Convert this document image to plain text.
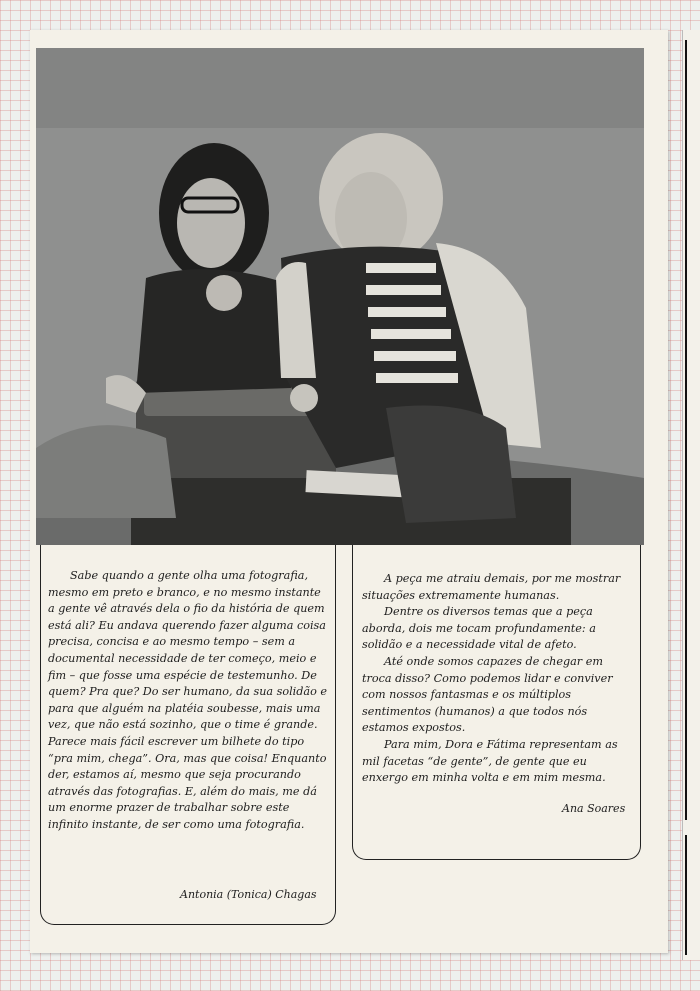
Sabe quando a gente olha uma fotografia, mesmo em preto e branco, e no mesmo instante a gente vê através dela o fio da história de quem está ali? Eu andava querendo fazer alguma coisa precisa, concisa e ao mesmo tempo – sem a documental necessidade de ter começo, meio e fim – que fosse uma espécie de testemunho. De quem? Pra que? Do ser humano, da sua solidão e para que alguém na platéia soubesse, mais uma vez, que não está sozinho, que o time é grande. Parece mais fácil escrever um bilhete do tipo “pra mim, chega”. Ora, mas que coisa! Enquanto der, estamos aí, mesmo que seja procurando através das fotografias. E, além do mais, me dá um enorme prazer de trabalhar sobre este infinito instante, de ser como uma fotografia.

Antonia (Tonica) Chagas

A peça me atraiu demais, por me mostrar situações extremamente humanas.

Dentre os diversos temas que a peça aborda, dois me tocam profundamente: a solidão e a necessidade vital de afeto.

Até onde somos capazes de chegar em troca disso? Como podemos lidar e conviver com nossos fantasmas e os múltiplos sentimentos (humanos) a que todos nós estamos expostos.

Para mim, Dora e Fátima representam as mil facetas “de gente”, de gente que eu enxergo em minha volta e em mim mesma.

Ana Soares
